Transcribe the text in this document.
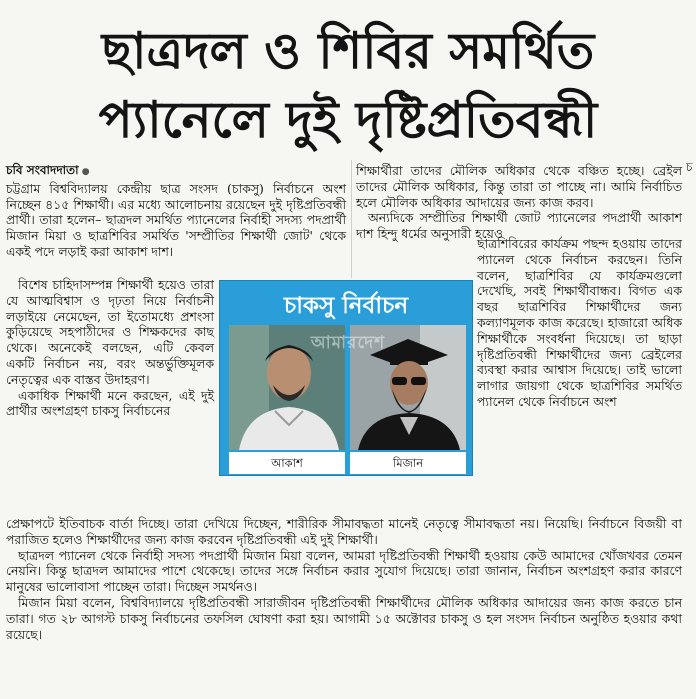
ছাত্রদল ও শিবির সমর্থিত
প্যানেলে দুই দৃষ্টিপ্রতিবন্ধী

চবি সংবাদদাতা ●

চট্টগ্রাম বিশ্ববিদ্যালয় কেন্দ্রীয় ছাত্র সংসদ (চাকসু) নির্বাচনে অংশ নিচ্ছেন ৪১৫ শিক্ষার্থী। এর মধ্যে আলোচনায় রয়েছেন দুই দৃষ্টিপ্রতিবন্ধী প্রার্থী। তারা হলেন– ছাত্রদল সমর্থিত প্যানেলের নির্বাহী সদস্য পদপ্রার্থী মিজান মিয়া ও ছাত্রশিবির সমর্থিত 'সম্প্রীতির শিক্ষার্থী জোট' থেকে একই পদে লড়াই করা আকাশ দাশ।

বিশেষ চাহিদাসম্পন্ন শিক্ষার্থী হয়েও তারা যে আত্মবিশ্বাস ও দৃঢ়তা নিয়ে নির্বাচনী লড়াইয়ে নেমেছেন, তা ইতোমধ্যে প্রশংসা কুড়িয়েছে সহপাঠীদের ও শিক্ষকদের কাছ থেকে। অনেকেই বলছেন, এটি কেবল একটি নির্বাচন নয়, বরং অন্তর্ভুক্তিমূলক নেতৃত্বের এক বাস্তব উদাহরণ।

একাধিক শিক্ষার্থী মনে করছেন, এই দুই প্রার্থীর অংশগ্রহণ চাকসু নির্বাচনের

শিক্ষার্থীরা তাদের মৌলিক অধিকার থেকে বঞ্চিত হচ্ছে। ব্রেইল তাদের মৌলিক অধিকার, কিন্তু তারা তা পাচ্ছে না। আমি নির্বাচিত হলে মৌলিক অধিকার আদায়ের জন্য কাজ করব।

অন্যদিকে সম্প্রীতির শিক্ষার্থী জোট প্যানেলের পদপ্রার্থী আকাশ দাশ হিন্দু ধর্মের অনুসারী হয়েও

ছাত্রশিবিরের কার্যক্রম পছন্দ হওয়ায় তাদের প্যানেল থেকে নির্বাচন করছেন। তিনি বলেন, ছাত্রশিবির যে কার্যক্রমগুলো দেখেছি, সবই শিক্ষার্থীবান্ধব। বিগত এক বছর ছাত্রশিবির শিক্ষার্থীদের জন্য কল্যাণমূলক কাজ করেছে। হাজারো অধিক শিক্ষার্থীকে সংবর্ধনা দিয়েছে। তা ছাড়া দৃষ্টিপ্রতিবন্ধী শিক্ষার্থীদের জন্য ব্রেইলের ব্যবস্থা করার আশ্বাস দিয়েছে। তাই ভালো লাগার জায়গা থেকে ছাত্রশিবির সমর্থিত প্যানেল থেকে নির্বাচনে অংশ

চাকসু নির্বাচন
আকাশ	মিজান
আমারদেশ

প্রেক্ষাপটে ইতিবাচক বার্তা দিচ্ছে। তারা দেখিয়ে দিচ্ছেন, শারীরিক সীমাবদ্ধতা মানেই নেতৃত্বে সীমাবদ্ধতা নয়। নিয়েছি। নির্বাচনে বিজয়ী বা পরাজিত হলেও শিক্ষার্থীদের জন্য কাজ করবেন দৃষ্টিপ্রতিবন্ধী এই দুই শিক্ষার্থী।

ছাত্রদল প্যানেল থেকে নির্বাহী সদস্য পদপ্রার্থী মিজান মিয়া বলেন, আমরা দৃষ্টিপ্রতিবন্ধী শিক্ষার্থী হওয়ায় কেউ আমাদের খোঁজখবর তেমন নেয়নি। কিন্তু ছাত্রদল আমাদের পাশে থেকেছে। তাদের সঙ্গে নির্বাচন করার সুযোগ দিয়েছে। তারা জানান, নির্বাচন অংশগ্রহণ করার কারণে মানুষের ভালোবাসা পাচ্ছেন তারা। দিচ্ছেন সমর্থনও।

মিজান মিয়া বলেন, বিশ্ববিদ্যালয়ে দৃষ্টিপ্রতিবন্ধী সারাজীবন দৃষ্টিপ্রতিবন্ধী শিক্ষার্থীদের মৌলিক অধিকার আদায়ের জন্য কাজ করতে চান তারা। গত ২৮ আগস্ট চাকসু নির্বাচনের তফসিল ঘোষণা করা হয়। আগামী ১৫ অক্টোবর চাকসু ও হল সংসদ নির্বাচন অনুষ্ঠিত হওয়ার কথা রয়েছে।

চ
